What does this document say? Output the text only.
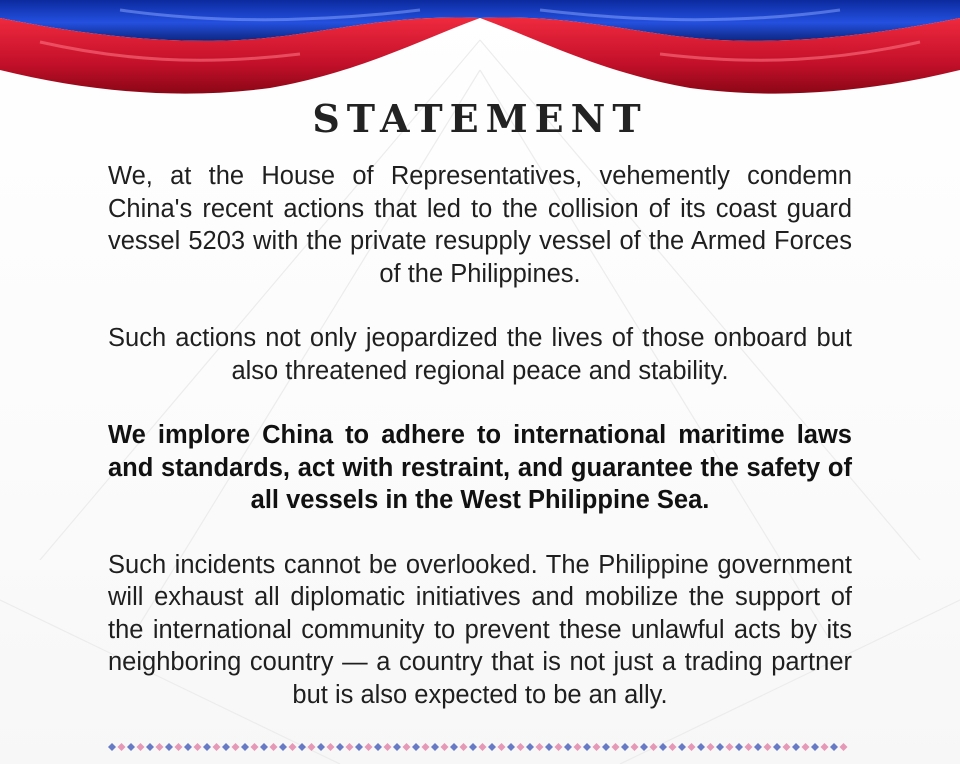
STATEMENT

We, at the House of Representatives, vehemently condemn China's recent actions that led to the collision of its coast guard vessel 5203 with the private resupply vessel of the Armed Forces of the Philippines.

Such actions not only jeopardized the lives of those onboard but also threatened regional peace and stability.

We implore China to adhere to international maritime laws and standards, act with restraint, and guarantee the safety of all vessels in the West Philippine Sea.

Such incidents cannot be overlooked. The Philippine government will exhaust all diplomatic initiatives and mobilize the support of the international community to prevent these unlawful acts by its neighboring country — a country that is not just a trading partner but is also expected to be an ally.
